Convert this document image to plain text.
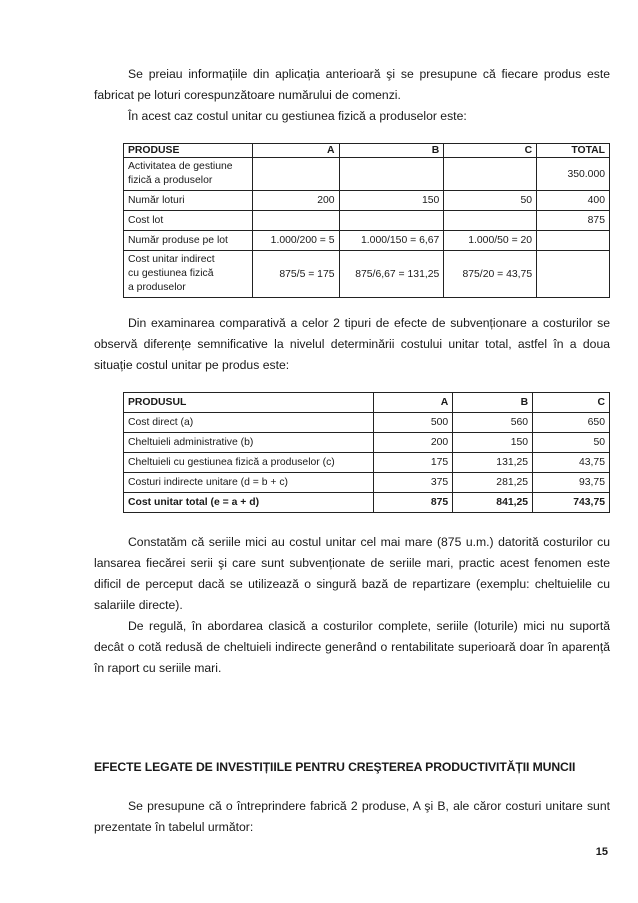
Se preiau informațiile din aplicația anterioară şi se presupune că fiecare produs este fabricat pe loturi corespunzătoare numărului de comenzi.

În acest caz costul unitar cu gestiunea fizică a produselor este:

PRODUSE	A	B	C	TOTAL
Activitatea de gestiune
fizică a produselor				350.000
Număr loturi	200	150	50	400
Cost lot				875
Număr produse pe lot	1.000/200 = 5	1.000/150 = 6,67	1.000/50 = 20	
Cost unitar indirect
cu gestiunea fizică
a produselor	875/5 = 175	875/6,67 = 131,25	875/20 = 43,75	

Din examinarea comparativă a celor 2 tipuri de efecte de subvenționare a costurilor se observă diferențe semnificative la nivelul determinării costului unitar total, astfel în a doua situație costul unitar pe produs este:

PRODUSUL	A	B	C
Cost direct (a)	500	560	650
Cheltuieli administrative (b)	200	150	50
Cheltuieli cu gestiunea fizică a produselor (c)	175	131,25	43,75
Costuri indirecte unitare (d = b + c)	375	281,25	93,75
Cost unitar total (e = a + d)	875	841,25	743,75

Constatăm că seriile mici au costul unitar cel mai mare (875 u.m.) datorită costurilor cu lansarea fiecărei serii şi care sunt subvenționate de seriile mari, practic acest fenomen este dificil de perceput dacă se utilizează o singură bază de repartizare (exemplu: cheltuielile cu salariile directe).

De regulă, în abordarea clasică a costurilor complete, seriile (loturile) mici nu suportă decât o cotă redusă de cheltuieli indirecte generând o rentabilitate superioară doar în aparență în raport cu seriile mari.

EFECTE LEGATE DE INVESTIȚIILE PENTRU CREŞTEREA PRODUCTIVITĂȚII MUNCII

Se presupune că o întreprindere fabrică 2 produse, A şi B, ale căror costuri unitare sunt prezentate în tabelul următor:

15
